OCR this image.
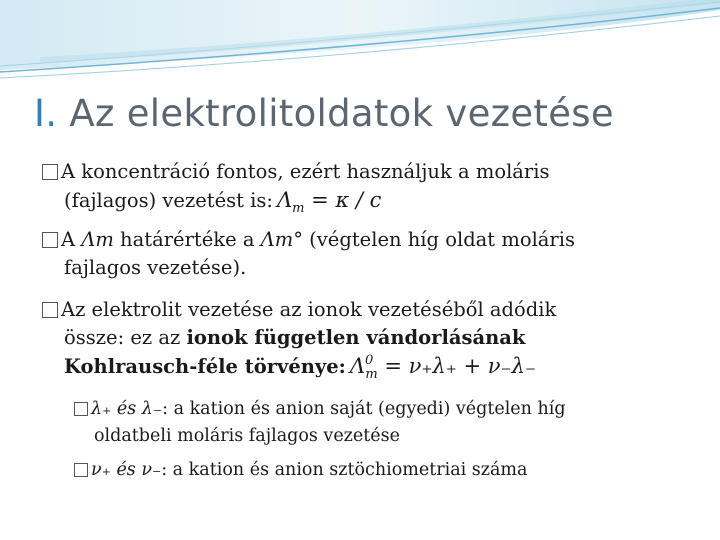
I. Az elektrolitoldatok vezetése
A koncentráció fontos, ezért használjuk a moláris
(fajlagos) vezetést is: $\Lambda_m = \kappa / c$
A Λm határértéke a Λm° (végtelen híg oldat moláris
fajlagos vezetése).
Az elektrolit vezetése az ionok vezetéséből adódik
össze: ez az ionok független vándorlásának
Kohlrausch-féle törvénye: $\Lambda^0_m = \nu_+\lambda_+ + \nu_-\lambda_-$
λ₊ és λ₋: a kation és anion saját (egyedi) végtelen híg
oldatbeli moláris fajlagos vezetése
ν₊ és ν₋: a kation és anion sztöchiometriai száma
